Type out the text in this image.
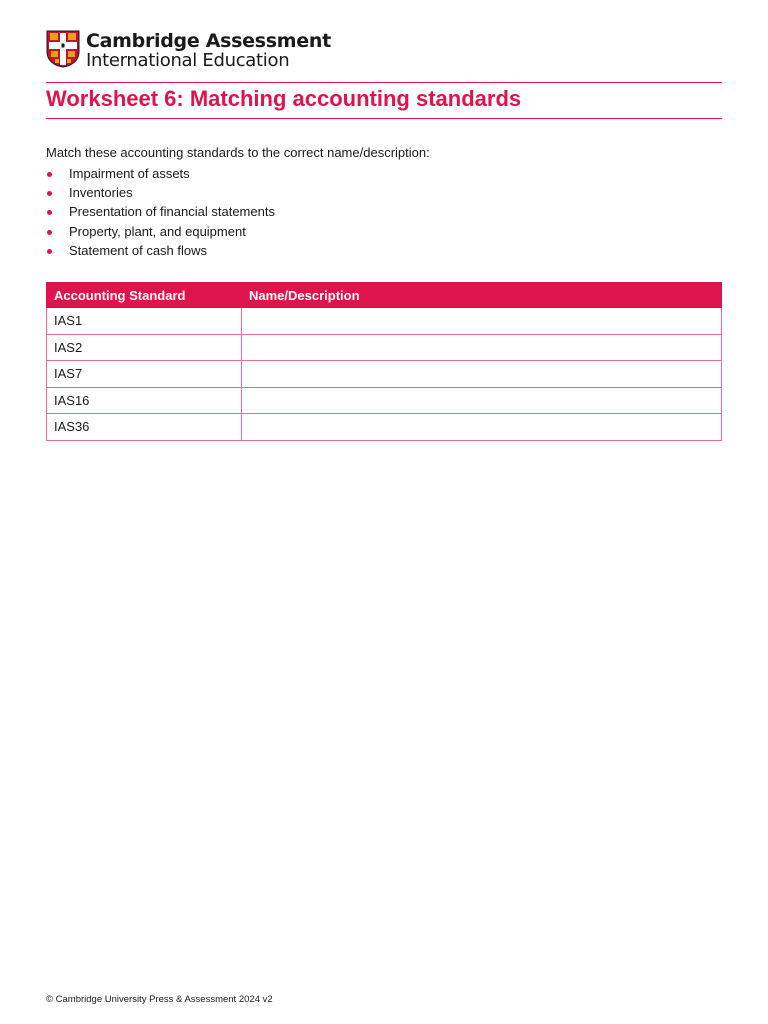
Cambridge Assessment
International Education
Worksheet 6: Matching accounting standards
Match these accounting standards to the correct name/description:
Impairment of assets
Inventories
Presentation of financial statements
Property, plant, and equipment
Statement of cash flows
Accounting Standard	Name/Description
IAS1	
IAS2	
IAS7	
IAS16	
IAS36	
© Cambridge University Press & Assessment 2024 v2
